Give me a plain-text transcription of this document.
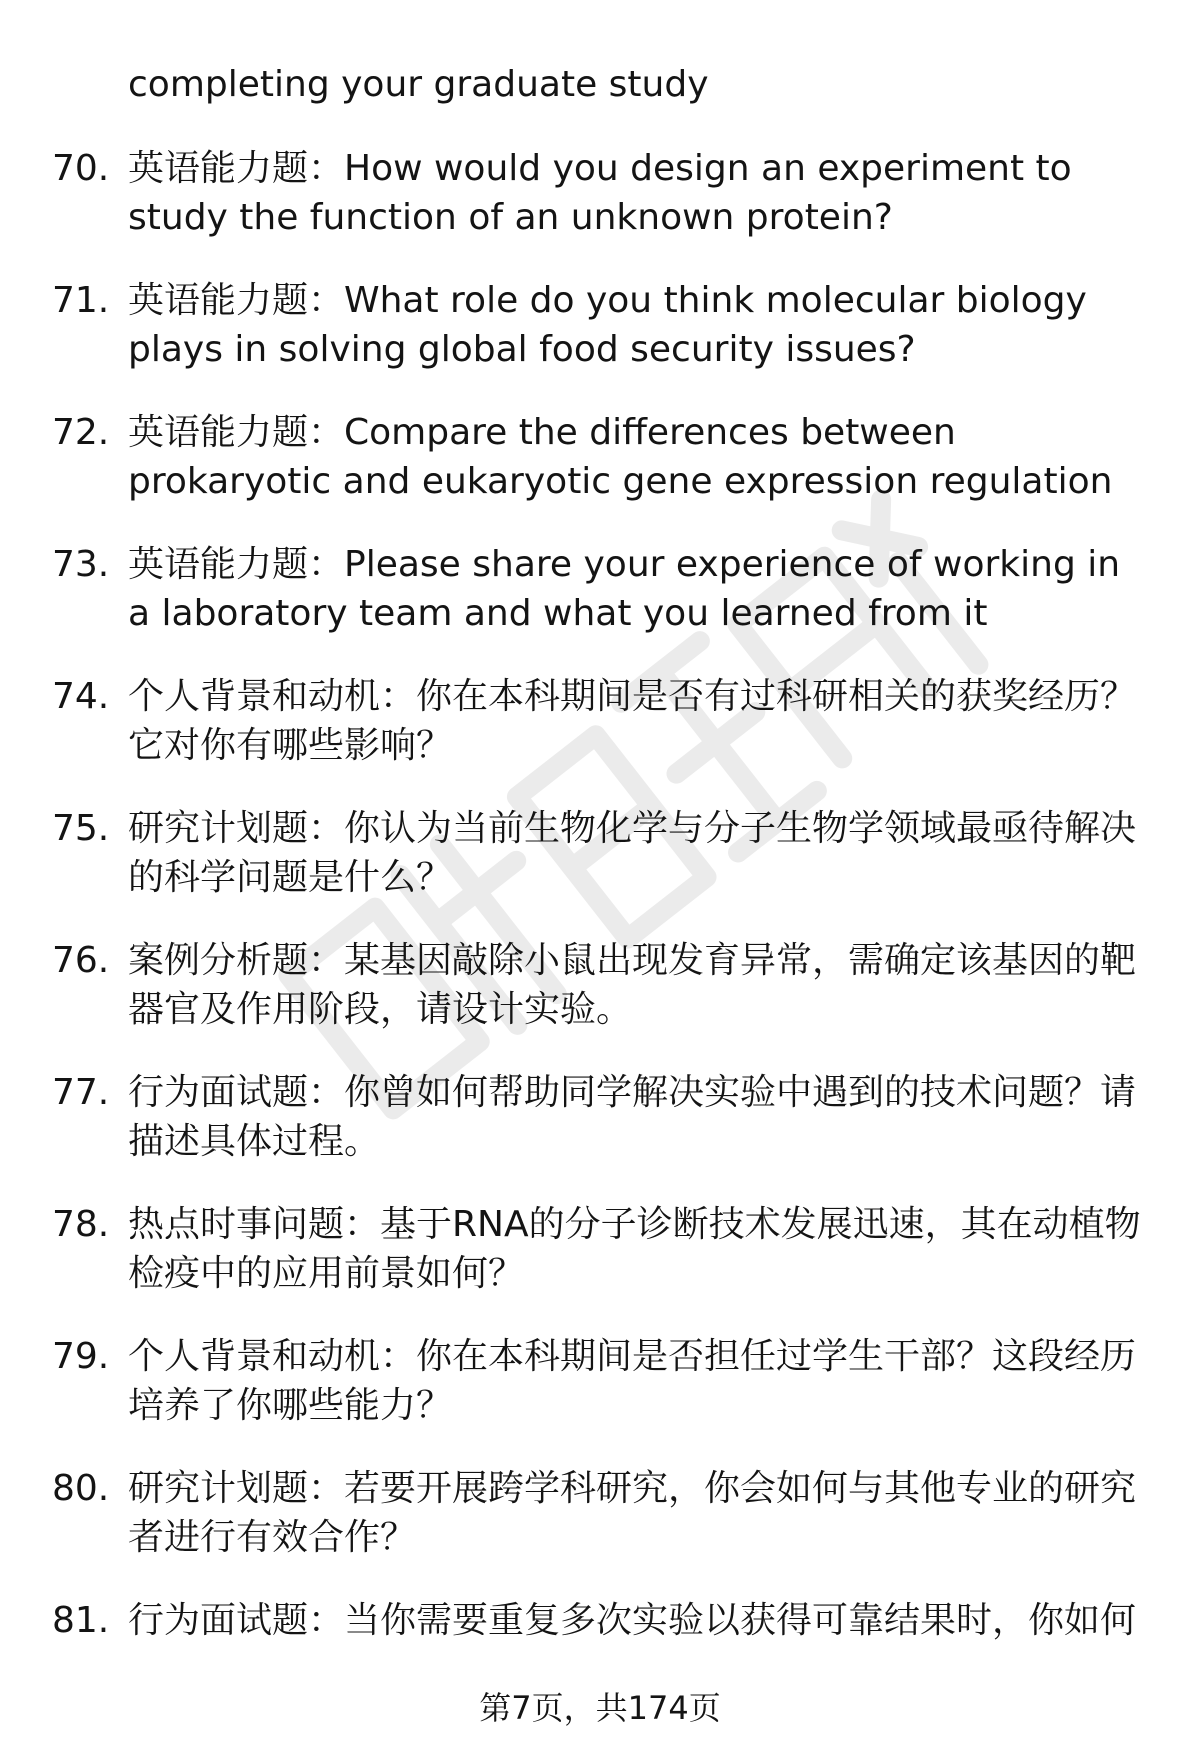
completing your graduate study
70. 英语能力题：How would you design an experiment to study the function of an unknown protein?
71. 英语能力题：What role do you think molecular biology plays in solving global food security issues?
72. 英语能力题：Compare the differences between prokaryotic and eukaryotic gene expression regulation
73. 英语能力题：Please share your experience of working in a laboratory team and what you learned from it
74. 个人背景和动机：你在本科期间是否有过科研相关的获奖经历？它对你有哪些影响？
75. 研究计划题：你认为当前生物化学与分子生物学领域最亟待解决的科学问题是什么？
76. 案例分析题：某基因敲除小鼠出现发育异常，需确定该基因的靶器官及作用阶段，请设计实验。
77. 行为面试题：你曾如何帮助同学解决实验中遇到的技术问题？请描述具体过程。
78. 热点时事问题：基于RNA的分子诊断技术发展迅速，其在动植物检疫中的应用前景如何？
79. 个人背景和动机：你在本科期间是否担任过学生干部？这段经历培养了你哪些能力？
80. 研究计划题：若要开展跨学科研究，你会如何与其他专业的研究者进行有效合作？
81. 行为面试题：当你需要重复多次实验以获得可靠结果时，你如何
第7页，共174页
